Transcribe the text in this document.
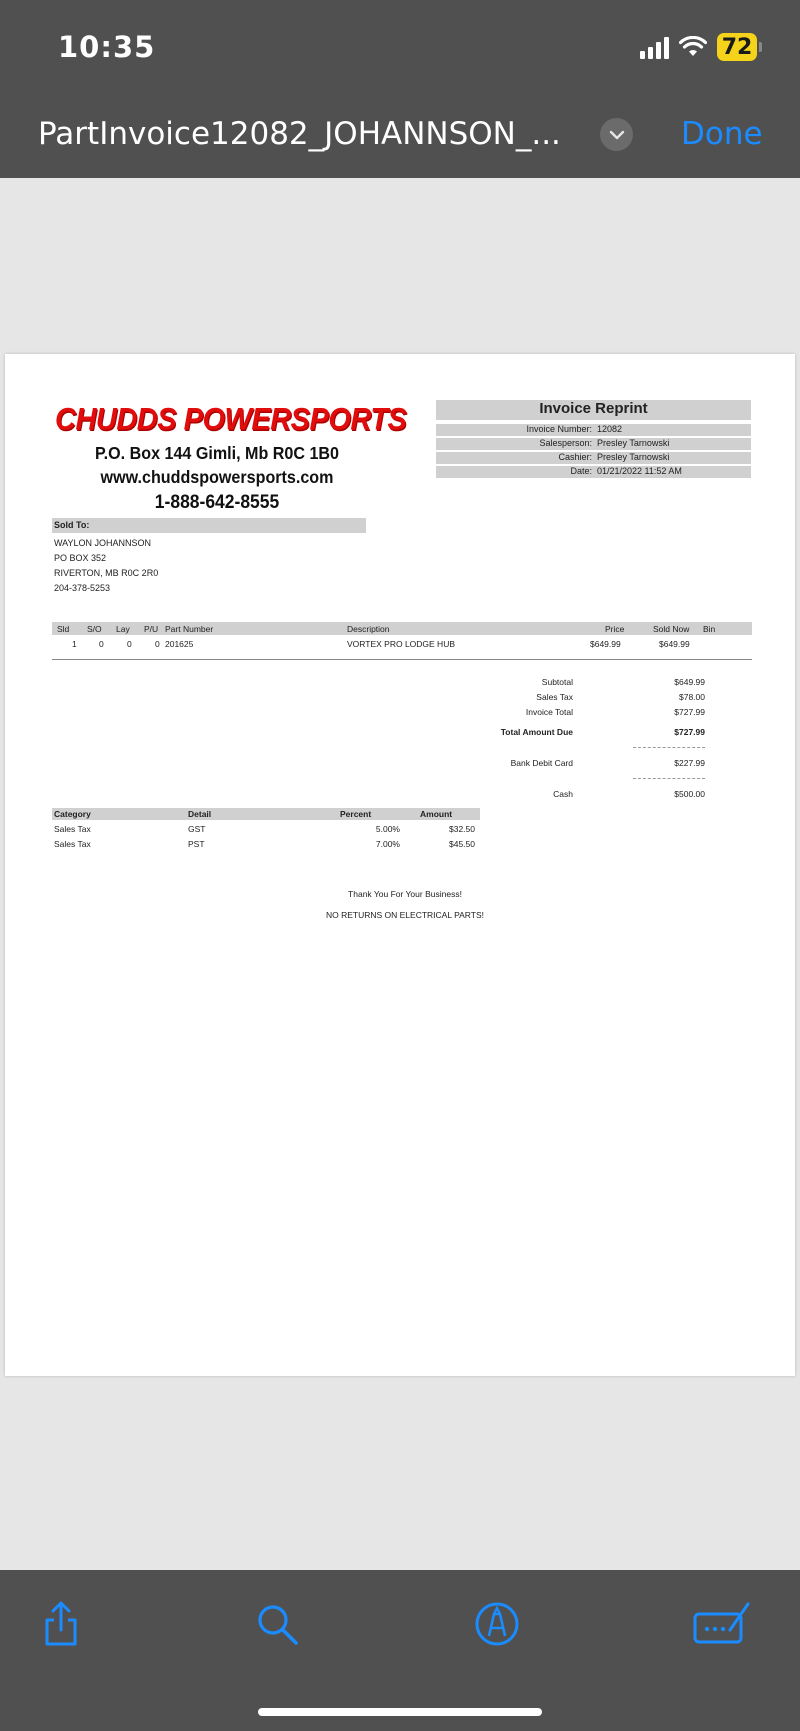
10:35	72
PartInvoice12082_JOHANNSON_...	Done
CHUDDS POWERSPORTS
P.O. Box 144 Gimli, Mb R0C 1B0
www.chuddspowersports.com
1-888-642-8555
Invoice Reprint
Invoice Number: 12082
Salesperson: Presley Tarnowski
Cashier: Presley Tarnowski
Date: 01/21/2022 11:52 AM
Sold To:
WAYLON JOHANNSON
PO BOX 352
RIVERTON, MB R0C 2R0
204-378-5253
Sld S/O Lay P/U Part Number	Description	Price	Sold Now Bin
1	0	0	0 201625	VORTEX PRO LODGE HUB	$649.99	$649.99
Subtotal	$649.99
Sales Tax	$78.00
Invoice Total	$727.99
Total Amount Due	$727.99
Bank Debit Card	$227.99
Cash	$500.00
Category	Detail	Percent	Amount
Sales Tax	GST	5.00%	$32.50
Sales Tax	PST	7.00%	$45.50
Thank You For Your Business!
NO RETURNS ON ELECTRICAL PARTS!
